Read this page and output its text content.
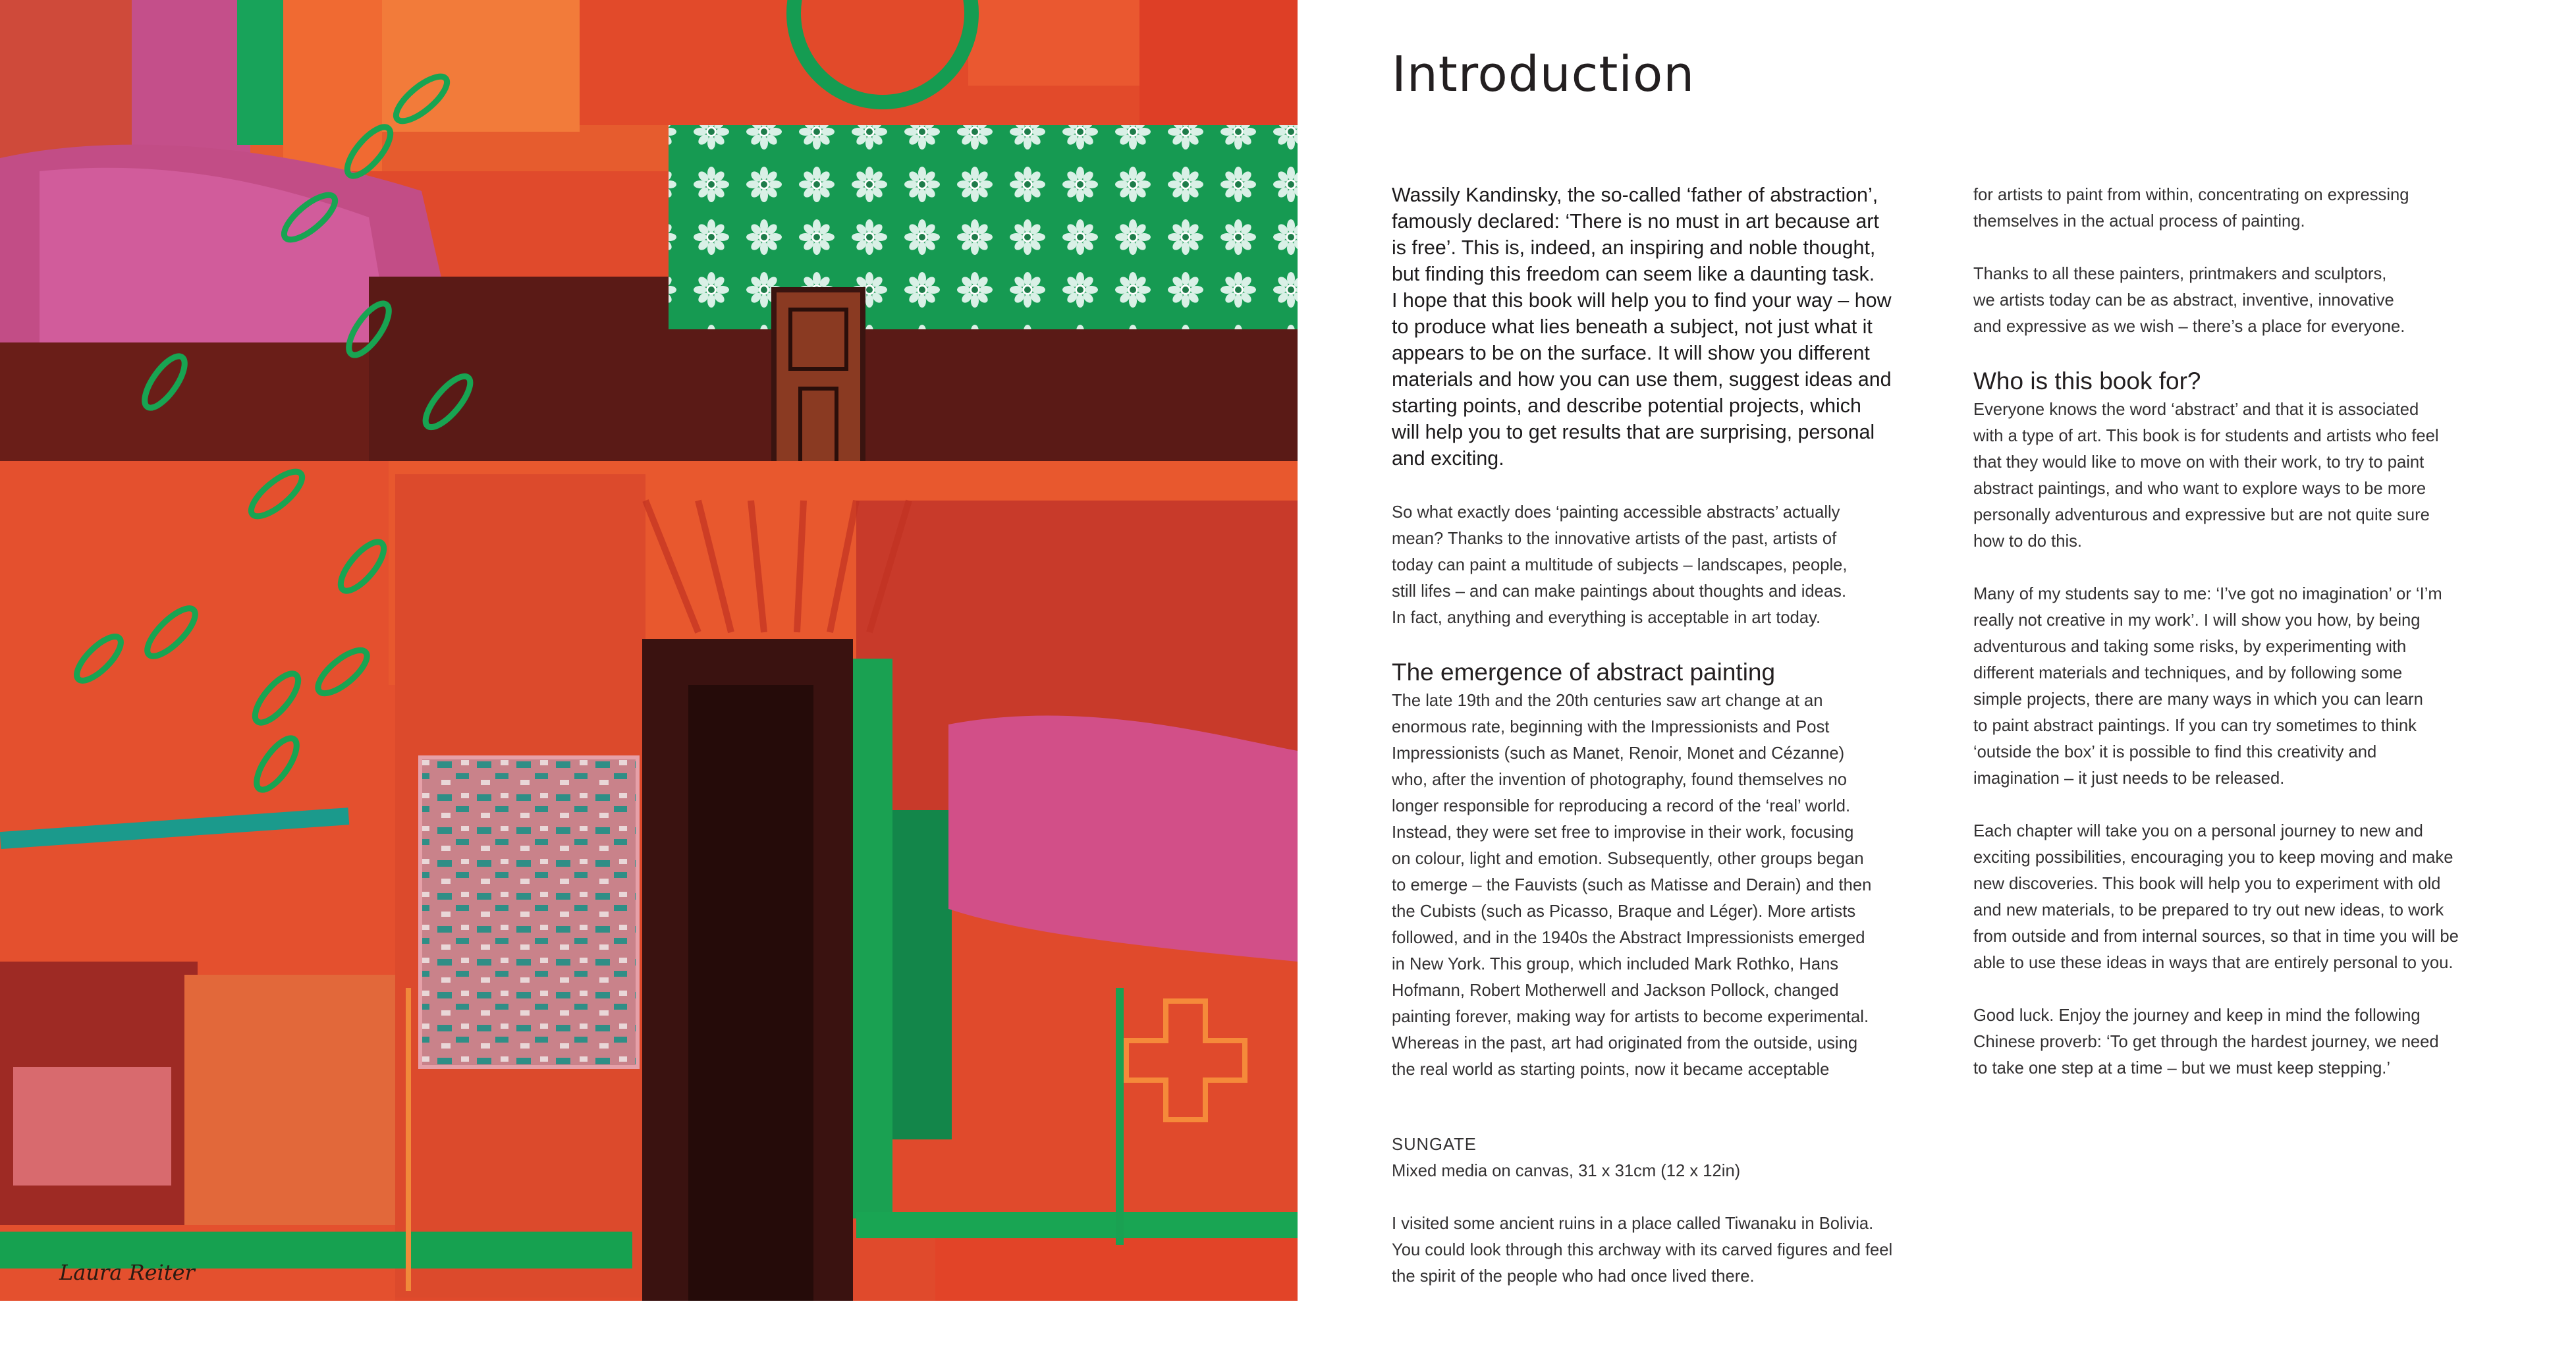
Laura Reiter
Introduction

Wassily Kandinsky, the so-called ‘father of abstraction’,
famously declared: ‘There is no must in art because art
is free’. This is, indeed, an inspiring and noble thought,
but finding this freedom can seem like a daunting task.
I hope that this book will help you to find your way – how
to produce what lies beneath a subject, not just what it
appears to be on the surface. It will show you different
materials and how you can use them, suggest ideas and
starting points, and describe potential projects, which
will help you to get results that are surprising, personal
and exciting.

So what exactly does ‘painting accessible abstracts’ actually
mean? Thanks to the innovative artists of the past, artists of
today can paint a multitude of subjects – landscapes, people,
still lifes – and can make paintings about thoughts and ideas.
In fact, anything and everything is acceptable in art today.

The emergence of abstract painting

The late 19th and the 20th centuries saw art change at an
enormous rate, beginning with the Impressionists and Post
Impressionists (such as Manet, Renoir, Monet and Cézanne)
who, after the invention of photography, found themselves no
longer responsible for reproducing a record of the ‘real’ world.
Instead, they were set free to improvise in their work, focusing
on colour, light and emotion. Subsequently, other groups began
to emerge – the Fauvists (such as Matisse and Derain) and then
the Cubists (such as Picasso, Braque and Léger). More artists
followed, and in the 1940s the Abstract Impressionists emerged
in New York. This group, which included Mark Rothko, Hans
Hofmann, Robert Motherwell and Jackson Pollock, changed
painting forever, making way for artists to become experimental.
Whereas in the past, art had originated from the outside, using
the real world as starting points, now it became acceptable

for artists to paint from within, concentrating on expressing
themselves in the actual process of painting.

Thanks to all these painters, printmakers and sculptors,
we artists today can be as abstract, inventive, innovative
and expressive as we wish – there’s a place for everyone.

Who is this book for?

Everyone knows the word ‘abstract’ and that it is associated
with a type of art. This book is for students and artists who feel
that they would like to move on with their work, to try to paint
abstract paintings, and who want to explore ways to be more
personally adventurous and expressive but are not quite sure
how to do this.

Many of my students say to me: ‘I’ve got no imagination’ or ‘I’m
really not creative in my work’. I will show you how, by being
adventurous and taking some risks, by experimenting with
different materials and techniques, and by following some
simple projects, there are many ways in which you can learn
to paint abstract paintings. If you can try sometimes to think
‘outside the box’ it is possible to find this creativity and
imagination – it just needs to be released.

Each chapter will take you on a personal journey to new and
exciting possibilities, encouraging you to keep moving and make
new discoveries. This book will help you to experiment with old
and new materials, to be prepared to try out new ideas, to work
from outside and from internal sources, so that in time you will be
able to use these ideas in ways that are entirely personal to you.

Good luck. Enjoy the journey and keep in mind the following
Chinese proverb: ‘To get through the hardest journey, we need
to take one step at a time – but we must keep stepping.’

SUNGATE

Mixed media on canvas, 31 x 31cm (12 x 12in)

I visited some ancient ruins in a place called Tiwanaku in Bolivia.
You could look through this archway with its carved figures and feel
the spirit of the people who had once lived there.
